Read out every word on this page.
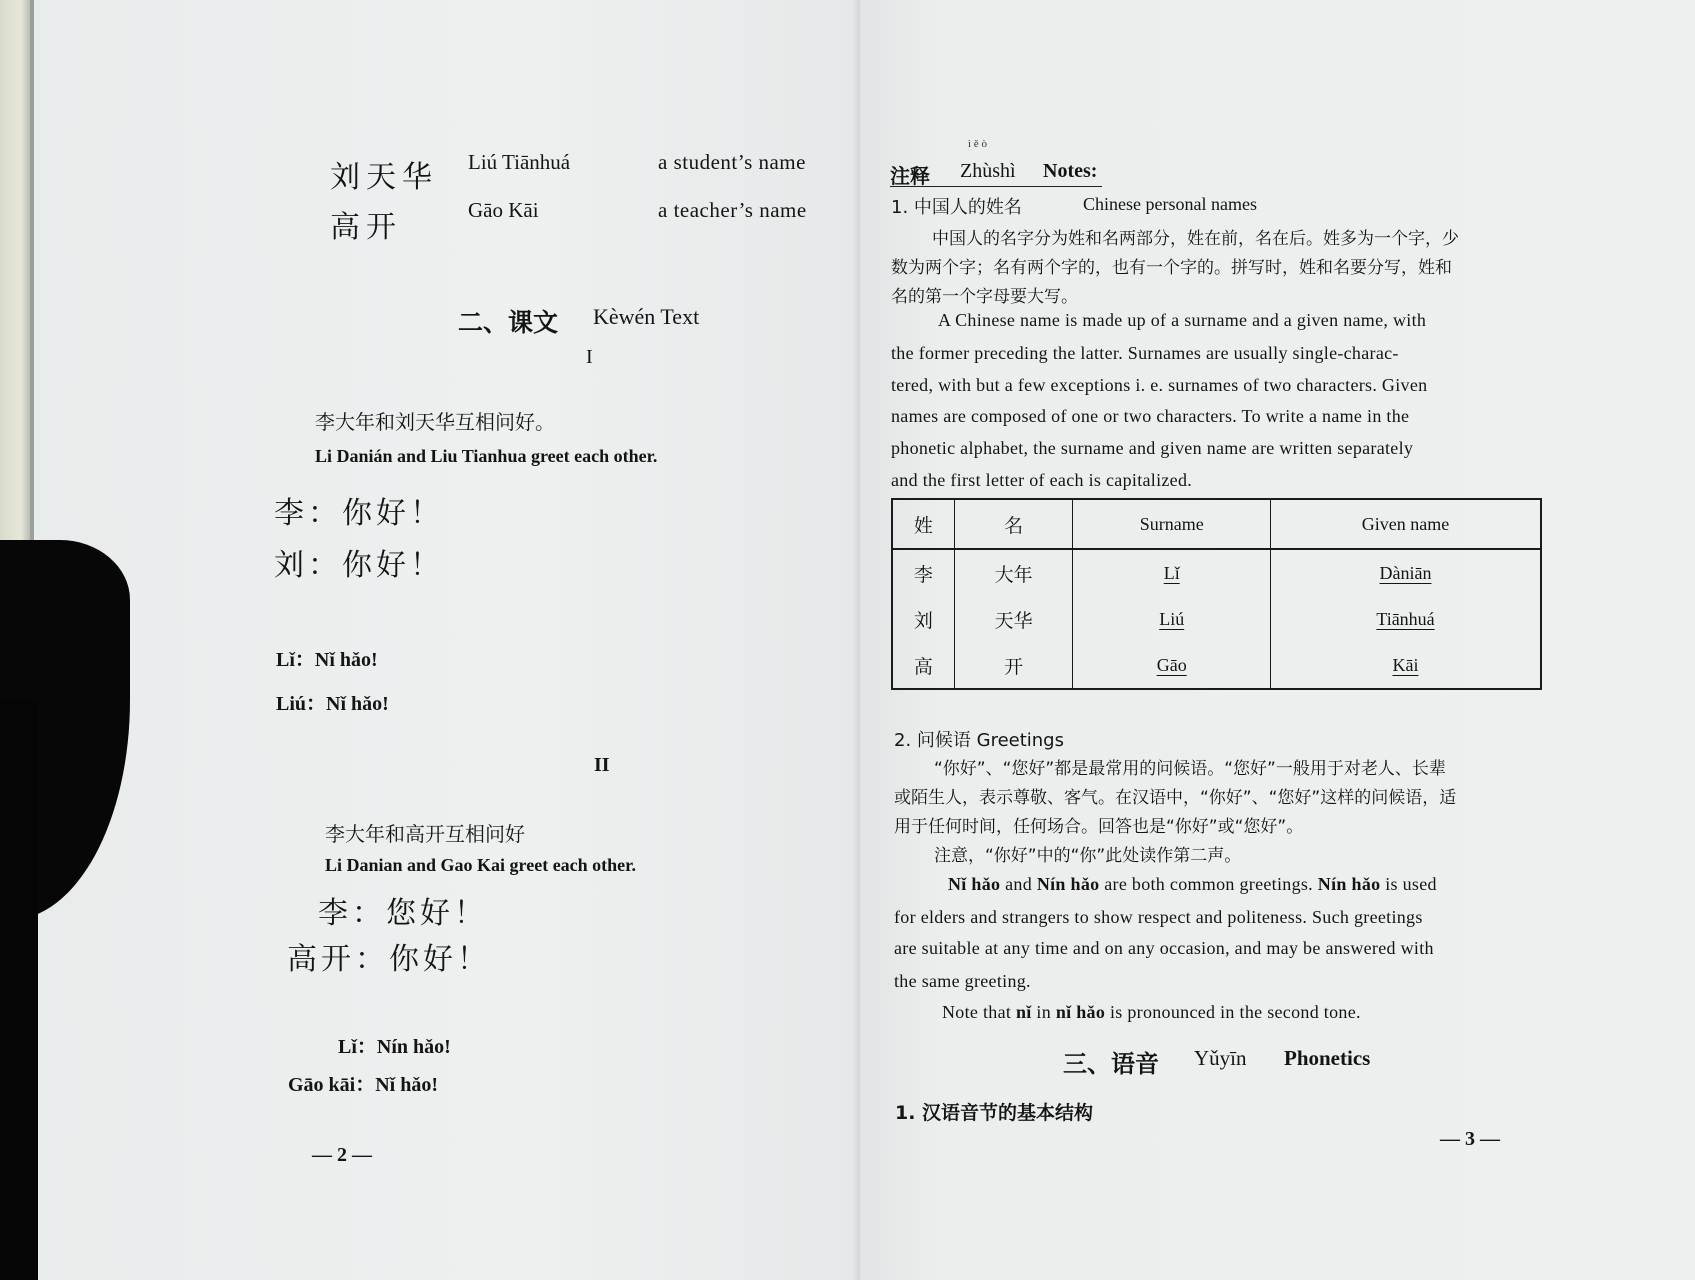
刘天华 Liú Tiānhuá	a student’s name
高开	Gāo Kāi	a teacher’s name
二、课文 Kèwén Text
I
李大年和刘天华互相问好。
Li Danián and Liu Tianhua greet each other.
李：你好！
刘：你好！
Lǐ：Nǐ hǎo!
Liú：Nǐ hǎo!
II
李大年和高开互相问好
Li Danian and Gao Kai greet each other.
李：您好！
高开：你好！
Lǐ：Nín hǎo!
Gāo kāi：Nǐ hǎo!
— 2 —
ì ě ò
注释 Zhùshì Notes:
1. 中国人的姓名	Chinese personal names
中国人的名字分为姓和名两部分，姓在前，名在后。姓多为一个字，少
数为两个字；名有两个字的，也有一个字的。拼写时，姓和名要分写，姓和
名的第一个字母要大写。
A Chinese name is made up of a surname and a given name, with
the former preceding the latter. Surnames are usually single-charac-
tered, with but a few exceptions i. e. surnames of two characters. Given
names are composed of one or two characters. To write a name in the
phonetic alphabet, the surname and given name are written separately
and the first letter of each is capitalized.
姓	名	Surname	Given name
李	大年	Lǐ	Dàniān
刘	天华	Liú	Tiānhuá
高	开	Gāo	Kāi
2. 问候语 Greetings
“你好”、“您好”都是最常用的问候语。“您好”一般用于对老人、长辈
或陌生人，表示尊敬、客气。在汉语中，“你好”、“您好”这样的问候语，适
用于任何时间，任何场合。回答也是“你好”或“您好”。
注意，“你好”中的“你”此处读作第二声。
Nǐ hǎo and Nín hǎo are both common greetings. Nín hǎo is used
for elders and strangers to show respect and politeness. Such greetings
are suitable at any time and on any occasion, and may be answered with
the same greeting.
Note that nǐ in nǐ hǎo is pronounced in the second tone.
三、语音 Yǔyīn Phonetics
1. 汉语音节的基本结构
— 3 —
